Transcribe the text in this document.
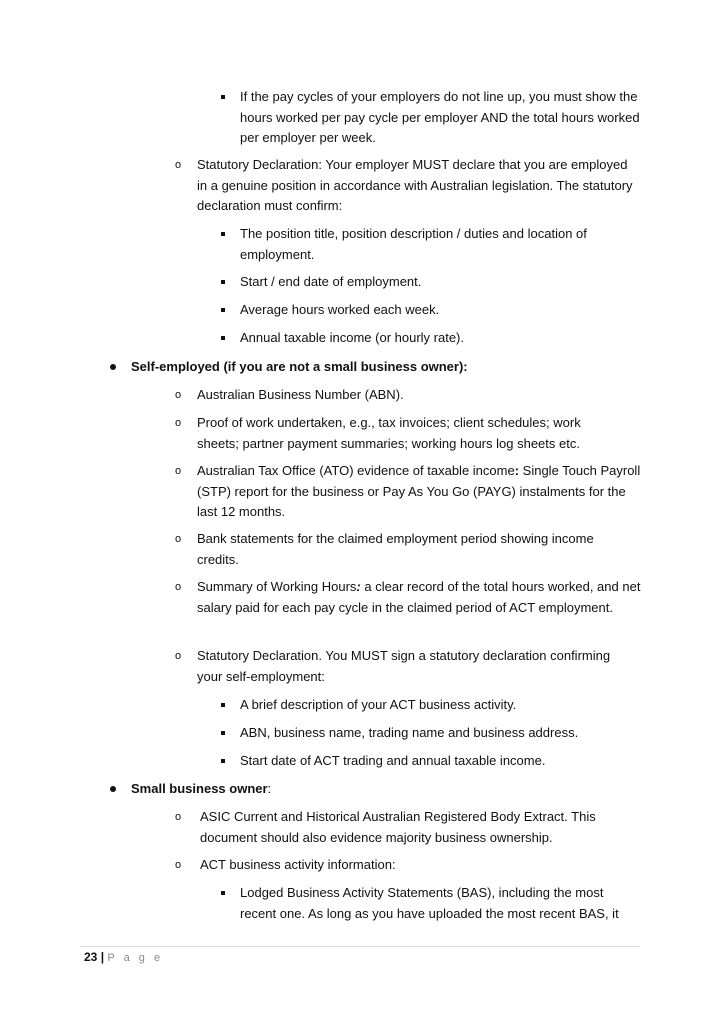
If the pay cycles of your employers do not line up, you must show the hours worked per pay cycle per employer AND the total hours worked per employer per week.
o Statutory Declaration: Your employer MUST declare that you are employed in a genuine position in accordance with Australian legislation. The statutory declaration must confirm:
The position title, position description / duties and location of employment.
Start / end date of employment.
Average hours worked each week.
Annual taxable income (or hourly rate).
Self-employed (if you are not a small business owner):
o Australian Business Number (ABN).
o Proof of work undertaken, e.g., tax invoices; client schedules; work sheets; partner payment summaries; working hours log sheets etc.
o Australian Tax Office (ATO) evidence of taxable income: Single Touch Payroll (STP) report for the business or Pay As You Go (PAYG) instalments for the last 12 months.
o Bank statements for the claimed employment period showing income credits.
o Summary of Working Hours: a clear record of the total hours worked, and net salary paid for each pay cycle in the claimed period of ACT employment.
o Statutory Declaration. You MUST sign a statutory declaration confirming your self-employment:
A brief description of your ACT business activity.
ABN, business name, trading name and business address.
Start date of ACT trading and annual taxable income.
Small business owner:
o ASIC Current and Historical Australian Registered Body Extract. This document should also evidence majority business ownership.
o ACT business activity information:
Lodged Business Activity Statements (BAS), including the most recent one. As long as you have uploaded the most recent BAS, it
23 | P a g e
